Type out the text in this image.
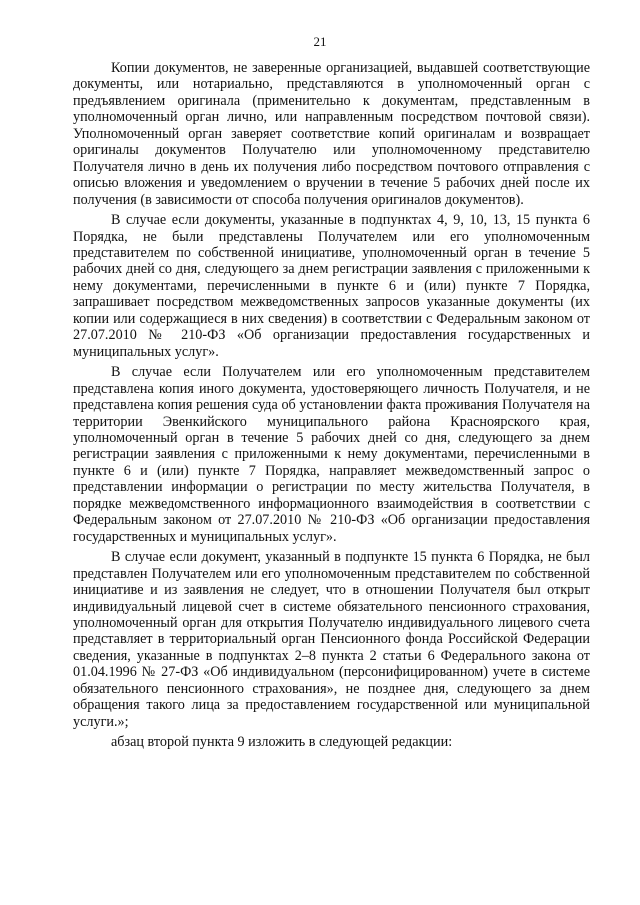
21

Копии документов, не заверенные организацией, выдавшей соответствующие документы, или нотариально, представляются в уполномоченный орган с предъявлением оригинала (применительно к документам, представленным в уполномоченный орган лично, или направленным посредством почтовой связи). Уполномоченный орган заверяет соответствие копий оригиналам и возвращает оригиналы документов Получателю или уполномоченному представителю Получателя лично в день их получения либо посредством почтового отправления с описью вложения и уведомлением о вручении в течение 5 рабочих дней после их получения (в зависимости от способа получения оригиналов документов).

В случае если документы, указанные в подпунктах 4, 9, 10, 13, 15 пункта 6 Порядка, не были представлены Получателем или его уполномоченным представителем по собственной инициативе, уполномоченный орган в течение 5 рабочих дней со дня, следующего за днем регистрации заявления с приложенными к нему документами, перечисленными в пункте 6 и (или) пункте 7 Порядка, запрашивает посредством межведомственных запросов указанные документы (их копии или содержащиеся в них сведения) в соответствии с Федеральным законом от 27.07.2010 № 210-ФЗ «Об организации предоставления государственных и муниципальных услуг».

В случае если Получателем или его уполномоченным представителем представлена копия иного документа, удостоверяющего личность Получателя, и не представлена копия решения суда об установлении факта проживания Получателя на территории Эвенкийского муниципального района Красноярского края, уполномоченный орган в течение 5 рабочих дней со дня, следующего за днем регистрации заявления с приложенными к нему документами, перечисленными в пункте 6 и (или) пункте 7 Порядка, направляет межведомственный запрос о представлении информации о регистрации по месту жительства Получателя, в порядке межведомственного информационного взаимодействия в соответствии с Федеральным законом от 27.07.2010 № 210-ФЗ «Об организации предоставления государственных и муниципальных услуг».

В случае если документ, указанный в подпункте 15 пункта 6 Порядка, не был представлен Получателем или его уполномоченным представителем по собственной инициативе и из заявления не следует, что в отношении Получателя был открыт индивидуальный лицевой счет в системе обязательного пенсионного страхования, уполномоченный орган для открытия Получателю индивидуального лицевого счета представляет в территориальный орган Пенсионного фонда Российской Федерации сведения, указанные в подпунктах 2–8 пункта 2 статьи 6 Федерального закона от 01.04.1996 № 27-ФЗ «Об индивидуальном (персонифицированном) учете в системе обязательного пенсионного страхования», не позднее дня, следующего за днем обращения такого лица за предоставлением государственной или муниципальной услуги.»;

абзац второй пункта 9 изложить в следующей редакции:
